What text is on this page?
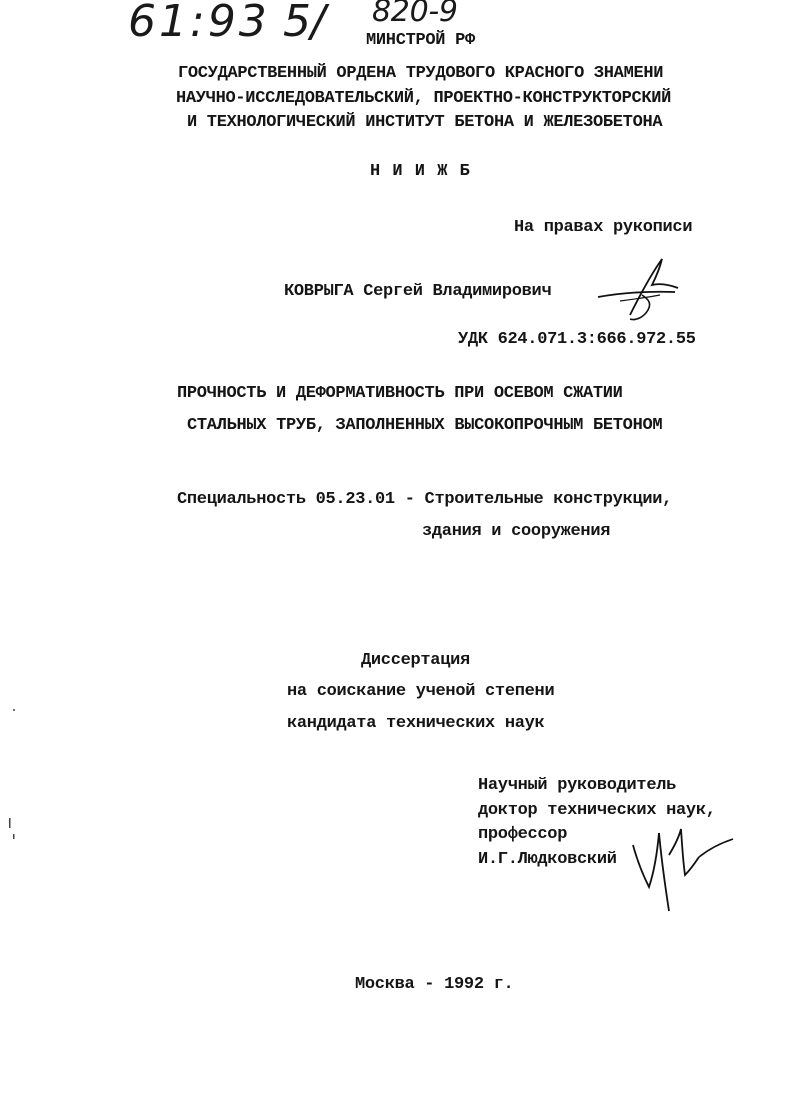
61:93 5/ 820-9
МИНСТРОЙ РФ
ГОСУДАРСТВЕННЫЙ ОРДЕНА ТРУДОВОГО КРАСНОГО ЗНАМЕНИ
НАУЧНО-ИССЛЕДОВАТЕЛЬСКИЙ, ПРОЕКТНО-КОНСТРУКТОРСКИЙ
И ТЕХНОЛОГИЧЕСКИЙ ИНСТИТУТ БЕТОНА И ЖЕЛЕЗОБЕТОНА
Н И И Ж Б
На правах рукописи
КОВРЫГА Сергей Владимирович
УДК 624.071.3:666.972.55
ПРОЧНОСТЬ И ДЕФОРМАТИВНОСТЬ ПРИ ОСЕВОМ СЖАТИИ
СТАЛЬНЫХ ТРУБ, ЗАПОЛНЕННЫХ ВЫСОКОПРОЧНЫМ БЕТОНОМ
Специальность 05.23.01 - Строительные конструкции,
здания и сооружения
Диссертация
на соискание ученой степени
кандидата технических наук
Научный руководитель
доктор технических наук,
профессор
И.Г.Людковский
Москва - 1992 г.
